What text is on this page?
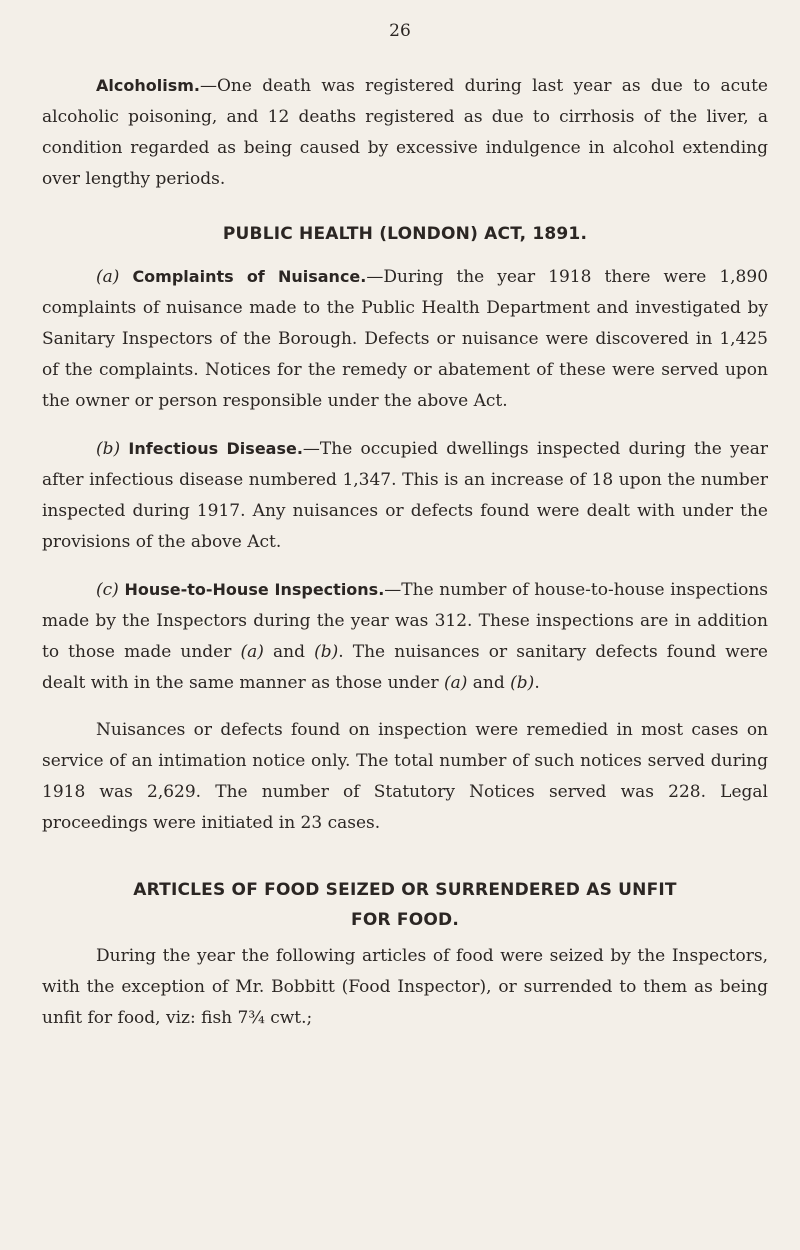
26

Alcoholism.—One death was registered during last year as due to acute alcoholic poisoning, and 12 deaths registered as due to cirrhosis of the liver, a condition regarded as being caused by excessive indulgence in alcohol extending over lengthy periods.

PUBLIC HEALTH (LONDON) ACT, 1891.

(a) Complaints of Nuisance.—During the year 1918 there were 1,890 complaints of nuisance made to the Public Health Department and investigated by Sanitary Inspectors of the Borough. Defects or nuisance were discovered in 1,425 of the complaints. Notices for the remedy or abatement of these were served upon the owner or person responsible under the above Act.

(b) Infectious Disease.—The occupied dwellings inspected during the year after infectious disease numbered 1,347. This is an increase of 18 upon the number inspected during 1917. Any nuisances or defects found were dealt with under the provisions of the above Act.

(c) House-to-House Inspections.—The number of house-to-house inspections made by the Inspectors during the year was 312. These inspections are in addition to those made under (a) and (b). The nuisances or sanitary defects found were dealt with in the same manner as those under (a) and (b).

Nuisances or defects found on inspection were remedied in most cases on service of an intimation notice only. The total number of such notices served during 1918 was 2,629. The number of Statutory Notices served was 228. Legal proceedings were initiated in 23 cases.

ARTICLES OF FOOD SEIZED OR SURRENDERED AS UNFIT
FOR FOOD.

During the year the following articles of food were seized by the Inspectors, with the exception of Mr. Bobbitt (Food Inspector), or surrended to them as being unfit for food, viz: fish 7¾ cwt.;
